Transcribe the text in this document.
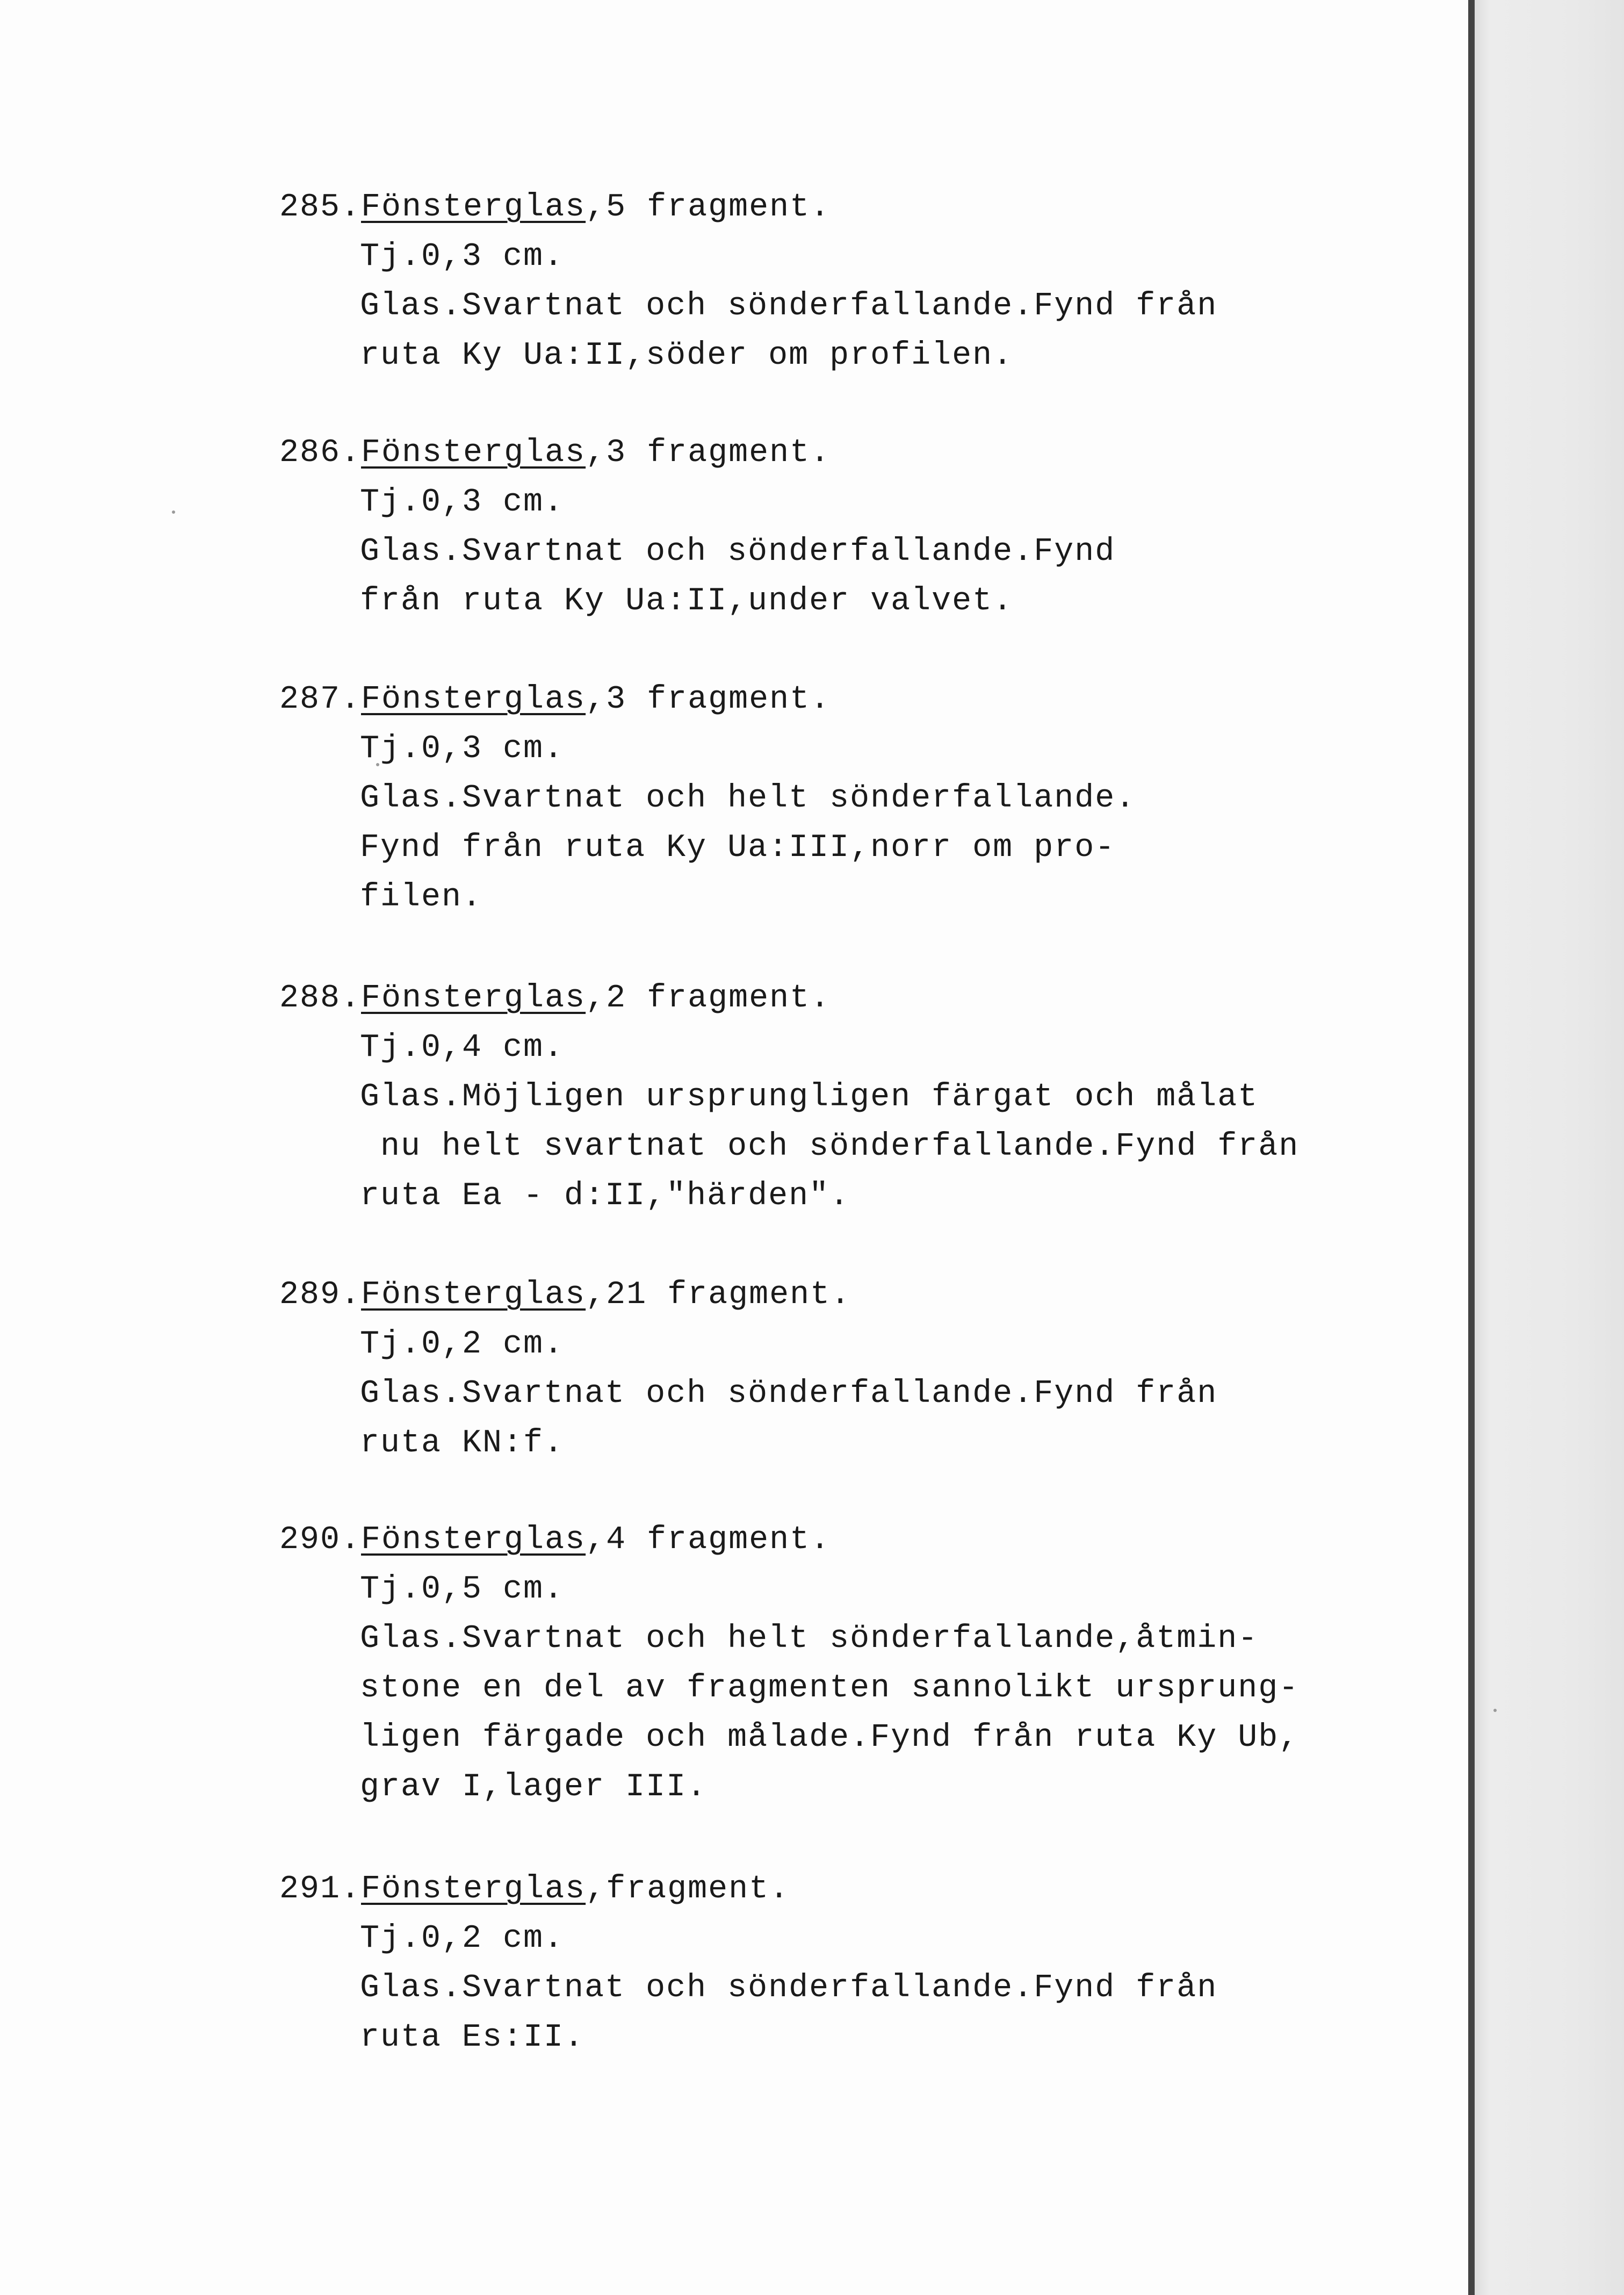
285.Fönsterglas,5 fragment.
Tj.0,3 cm.
Glas.Svartnat och sönderfallande.Fynd från
ruta Ky Ua:II,söder om profilen.
286.Fönsterglas,3 fragment.
Tj.0,3 cm.
Glas.Svartnat och sönderfallande.Fynd
från ruta Ky Ua:II,under valvet.
287.Fönsterglas,3 fragment.
Tj.0,3 cm.
Glas.Svartnat och helt sönderfallande.
Fynd från ruta Ky Ua:III,norr om pro-
filen.
288.Fönsterglas,2 fragment.
Tj.0,4 cm.
Glas.Möjligen ursprungligen färgat och målat
nu helt svartnat och sönderfallande.Fynd från
ruta Ea - d:II,"härden".
289.Fönsterglas,21 fragment.
Tj.0,2 cm.
Glas.Svartnat och sönderfallande.Fynd från
ruta KN:f.
290.Fönsterglas,4 fragment.
Tj.0,5 cm.
Glas.Svartnat och helt sönderfallande,åtmin-
stone en del av fragmenten sannolikt ursprung-
ligen färgade och målade.Fynd från ruta Ky Ub,
grav I,lager III.
291.Fönsterglas,fragment.
Tj.0,2 cm.
Glas.Svartnat och sönderfallande.Fynd från
ruta Es:II.
